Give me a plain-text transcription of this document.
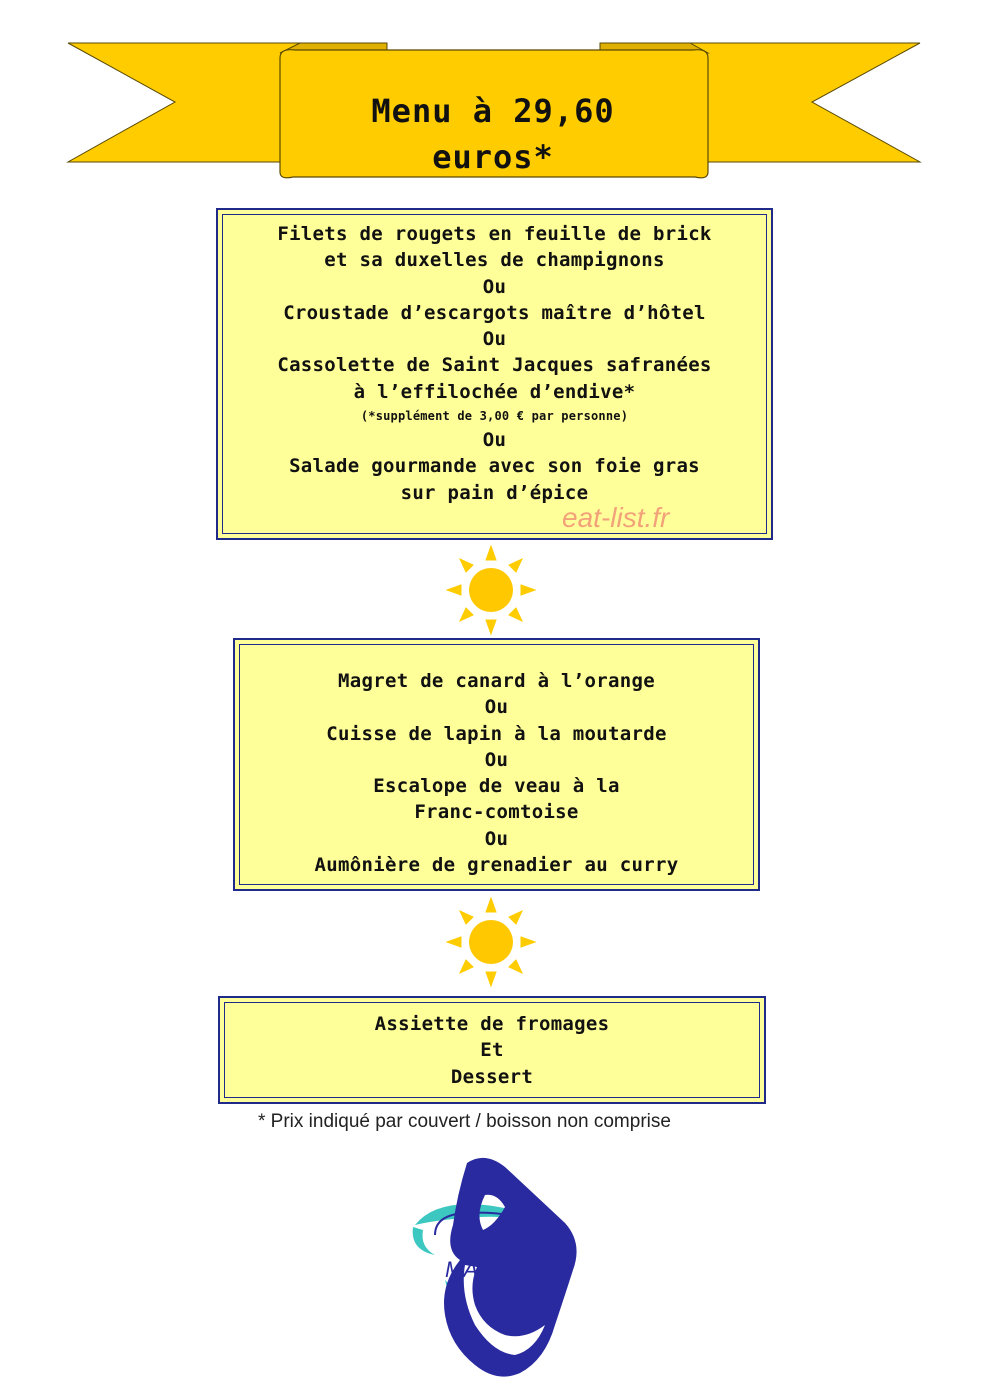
Menu à 29,60
euros*
Filets de rougets en feuille de brick
et sa duxelles de champignons
Ou
Croustade d’escargots maître d’hôtel
Ou
Cassolette de Saint Jacques safranées
à l’effilochée d’endive*
(*supplément de 3,00 € par personne)
Ou
Salade gourmande avec son foie gras
sur pain d’épice
eat-list.fr
Magret de canard à l’orange
Ou
Cuisse de lapin à la moutarde
Ou
Escalope de veau à la
Franc-comtoise
Ou
Aumônière de grenadier au curry
Assiette de fromages
Et
Dessert
* Prix indiqué par couvert / boisson non comprise
LA
MARINA
